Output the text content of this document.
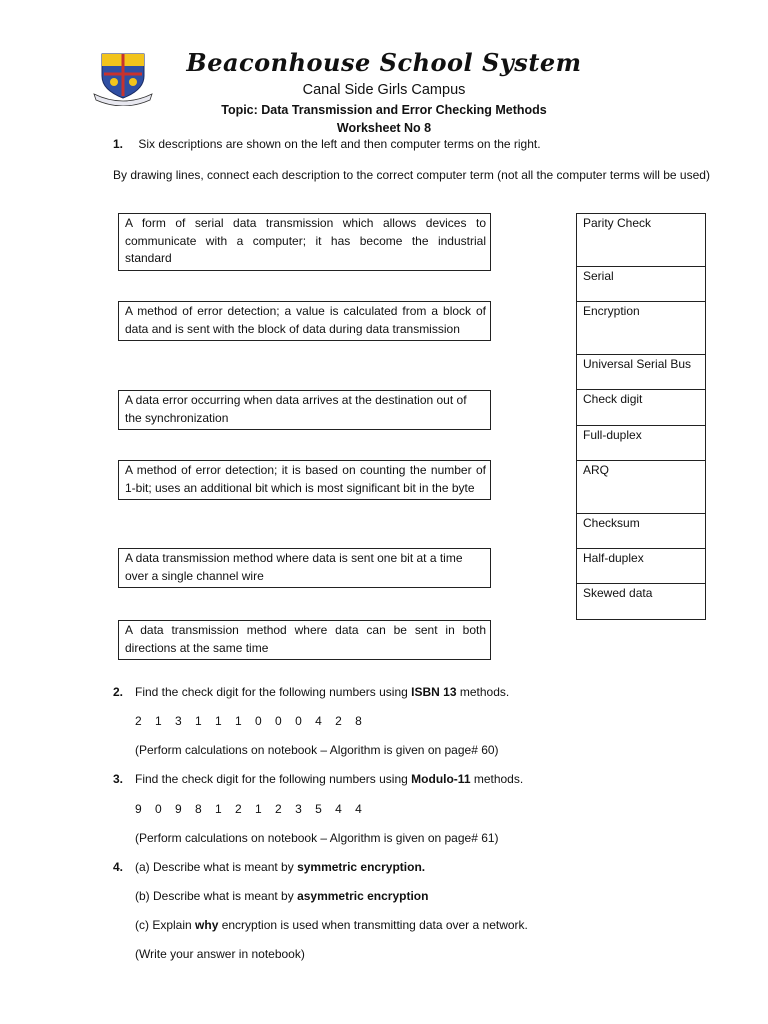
Beaconhouse School System
Canal Side Girls Campus
Topic: Data Transmission and Error Checking Methods
Worksheet No 8
1. Six descriptions are shown on the left and then computer terms on the right.
By drawing lines, connect each description to the correct computer term (not all the computer terms will be used)
A form of serial data transmission which allows devices to communicate with a computer; it has become the industrial standard
A method of error detection; a value is calculated from a block of data and is sent with the block of data during data transmission
A data error occurring when data arrives at the destination out of the synchronization
A method of error detection; it is based on counting the number of 1-bit; uses an additional bit which is most significant bit in the byte
A data transmission method where data is sent one bit at a time over a single channel wire
A data transmission method where data can be sent in both directions at the same time
Parity Check
Serial
Encryption
Universal Serial Bus
Check digit
Full-duplex
ARQ
Checksum
Half-duplex
Skewed data
2. Find the check digit for the following numbers using ISBN 13 methods.
2 1 3 1 1 1 0 0 0 4 2 8
(Perform calculations on notebook – Algorithm is given on page# 60)
3. Find the check digit for the following numbers using Modulo-11 methods.
9 0 9 8 1 2 1 2 3 5 4 4
(Perform calculations on notebook – Algorithm is given on page# 61)
4. (a) Describe what is meant by symmetric encryption.
(b) Describe what is meant by asymmetric encryption
(c) Explain why encryption is used when transmitting data over a network.
(Write your answer in notebook)
